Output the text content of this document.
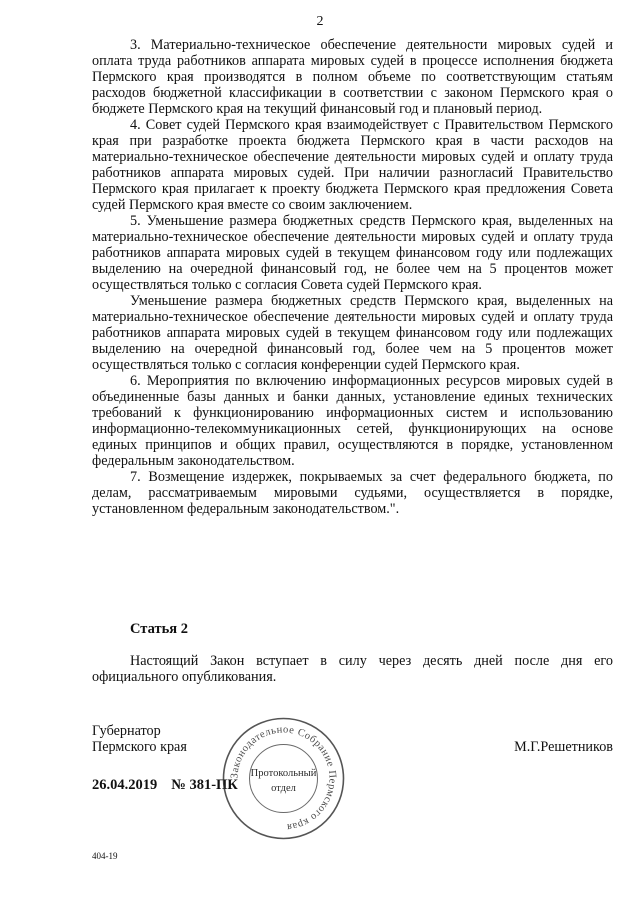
2

3. Материально-техническое обеспечение деятельности мировых судей и оплата труда работников аппарата мировых судей в процессе исполнения бюджета Пермского края производятся в полном объеме по соответствующим статьям расходов бюджетной классификации в соответствии с законом Пермского края о бюджете Пермского края на текущий финансовый год и плановый период.

4. Совет судей Пермского края взаимодействует с Правительством Пермского края при разработке проекта бюджета Пермского края в части расходов на материально-техническое обеспечение деятельности мировых судей и оплату труда работников аппарата мировых судей. При наличии разногласий Правительство Пермского края прилагает к проекту бюджета Пермского края предложения Совета судей Пермского края вместе со своим заключением.

5. Уменьшение размера бюджетных средств Пермского края, выделенных на материально-техническое обеспечение деятельности мировых судей и оплату труда работников аппарата мировых судей в текущем финансовом году или подлежащих выделению на очередной финансовый год, не более чем на 5 процентов может осуществляться только с согласия Совета судей Пермского края.

Уменьшение размера бюджетных средств Пермского края, выделенных на материально-техническое обеспечение деятельности мировых судей и оплату труда работников аппарата мировых судей в текущем финансовом году или подлежащих выделению на очередной финансовый год, более чем на 5 процентов может осуществляться только с согласия конференции судей Пермского края.

6. Мероприятия по включению информационных ресурсов мировых судей в объединенные базы данных и банки данных, установление единых технических требований к функционированию информационных систем и использованию информационно-телекоммуникационных сетей, функционирующих на основе единых принципов и общих правил, осуществляются в порядке, установленном федеральным законодательством.

7. Возмещение издержек, покрываемых за счет федерального бюджета, по делам, рассматриваемым мировыми судьями, осуществляется в порядке, установленном федеральным законодательством.".

Статья 2

Настоящий Закон вступает в силу через десять дней после дня его официального опубликования.

Губернатор
Пермского края	М.Г.Решетников
26.04.2019 № 381-ПК
404-19
Законодательное Собрание Пермского края
Протокольный
отдел
